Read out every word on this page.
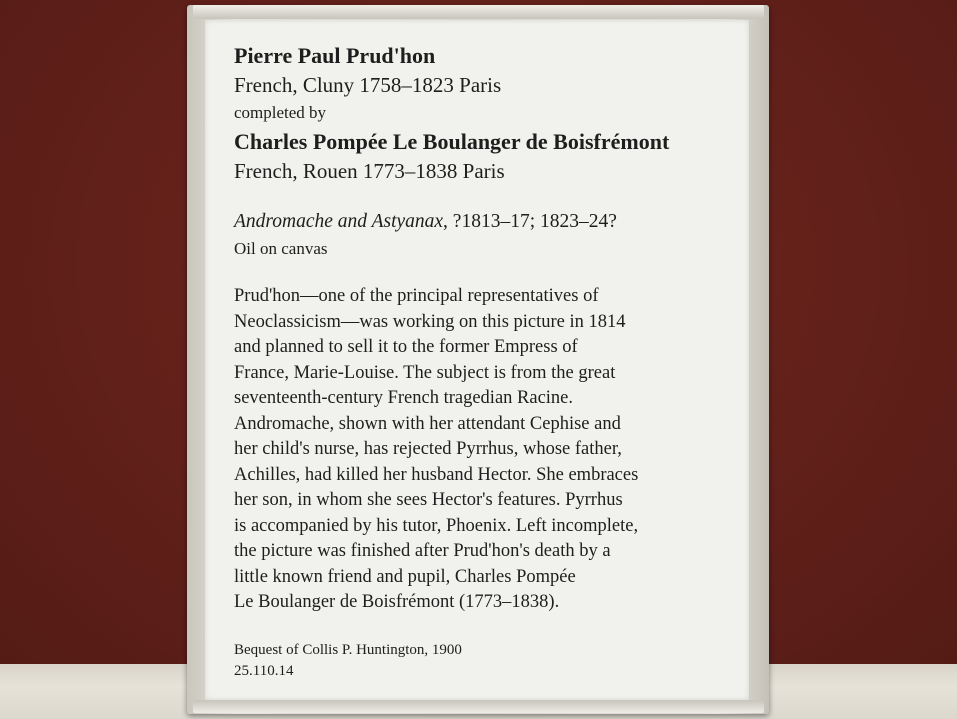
Pierre Paul Prud'hon
French, Cluny 1758–1823 Paris
completed by
Charles Pompée Le Boulanger de Boisfrémont
French, Rouen 1773–1838 Paris
Andromache and Astyanax, ?1813–17; 1823–24?
Oil on canvas
Prud'hon—one of the principal representatives of
Neoclassicism—was working on this picture in 1814
and planned to sell it to the former Empress of
France, Marie-Louise. The subject is from the great
seventeenth-century French tragedian Racine.
Andromache, shown with her attendant Cephise and
her child's nurse, has rejected Pyrrhus, whose father,
Achilles, had killed her husband Hector. She embraces
her son, in whom she sees Hector's features. Pyrrhus
is accompanied by his tutor, Phoenix. Left incomplete,
the picture was finished after Prud'hon's death by a
little known friend and pupil, Charles Pompée
Le Boulanger de Boisfrémont (1773–1838).
Bequest of Collis P. Huntington, 1900
25.110.14
